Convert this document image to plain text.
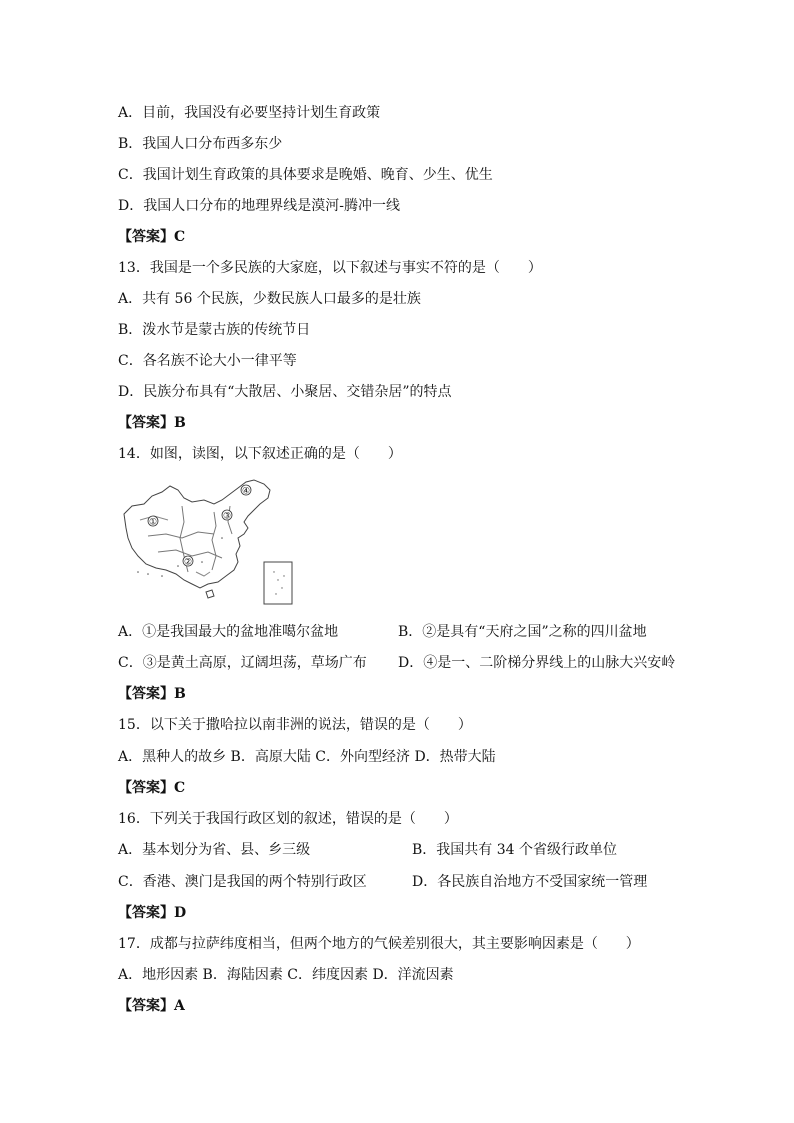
A．目前，我国没有必要坚持计划生育政策
B．我国人口分布西多东少
C．我国计划生育政策的具体要求是晚婚、晚育、少生、优生
D．我国人口分布的地理界线是漠河-腾冲一线
【答案】C
13．我国是一个多民族的大家庭，以下叙述与事实不符的是（　　）
A．共有 56 个民族，少数民族人口最多的是壮族
B．泼水节是蒙古族的传统节日
C．各名族不论大小一律平等
D．民族分布具有“大散居、小聚居、交错杂居”的特点
【答案】B
14．如图，读图，以下叙述正确的是（　　）
①
②
③
④
A．①是我国最大的盆地准噶尔盆地	B．②是具有“天府之国”之称的四川盆地
C．③是黄土高原，辽阔坦荡，草场广布 D．④是一、二阶梯分界线上的山脉大兴安岭
【答案】B
15．以下关于撒哈拉以南非洲的说法，错误的是（　　）
A．黑种人的故乡 B．高原大陆 C．外向型经济 D．热带大陆
【答案】C
16．下列关于我国行政区划的叙述，错误的是（　　）
A．基本划分为省、县、乡三级	B．我国共有 34 个省级行政单位
C．香港、澳门是我国的两个特别行政区	D．各民族自治地方不受国家统一管理
【答案】D
17．成都与拉萨纬度相当，但两个地方的气候差别很大，其主要影响因素是（　　）
A．地形因素 B．海陆因素 C．纬度因素 D．洋流因素
【答案】A
